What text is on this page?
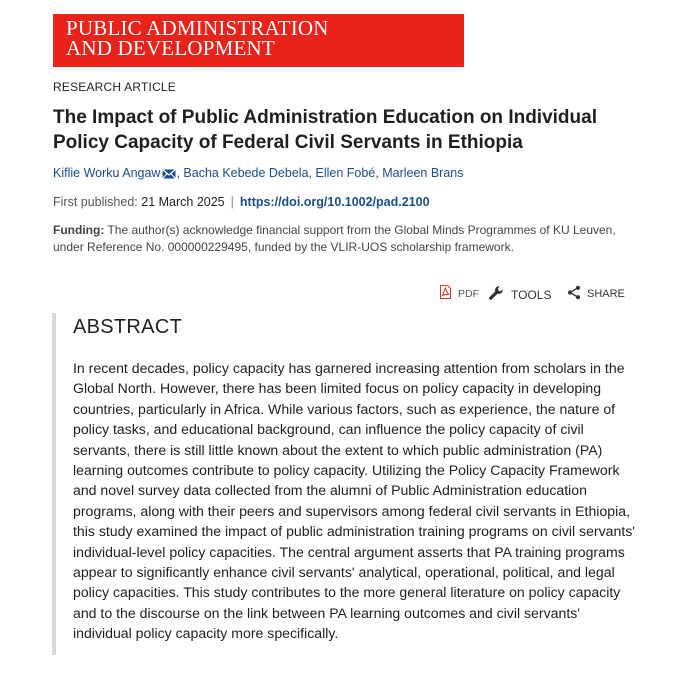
PUBLIC ADMINISTRATION
AND DEVELOPMENT
RESEARCH ARTICLE
The Impact of Public Administration Education on Individual Policy Capacity of Federal Civil Servants in Ethiopia
Kiflie Worku Angaw , Bacha Kebede Debela, Ellen Fobé, Marleen Brans
First published: 21 March 2025 | https://doi.org/10.1002/pad.2100
Funding: The author(s) acknowledge financial support from the Global Minds Programmes of KU Leuven, under Reference No. 000000229495, funded by the VLIR-UOS scholarship framework.
PDF	TOOLS	SHARE
ABSTRACT
In recent decades, policy capacity has garnered increasing attention from scholars in the Global North. However, there has been limited focus on policy capacity in developing countries, particularly in Africa. While various factors, such as experience, the nature of policy tasks, and educational background, can influence the policy capacity of civil servants, there is still little known about the extent to which public administration (PA) learning outcomes contribute to policy capacity. Utilizing the Policy Capacity Framework and novel survey data collected from the alumni of Public Administration education programs, along with their peers and supervisors among federal civil servants in Ethiopia, this study examined the impact of public administration training programs on civil servants' individual-level policy capacities. The central argument asserts that PA training programs appear to significantly enhance civil servants' analytical, operational, political, and legal policy capacities. This study contributes to the more general literature on policy capacity and to the discourse on the link between PA learning outcomes and civil servants' individual policy capacity more specifically.
